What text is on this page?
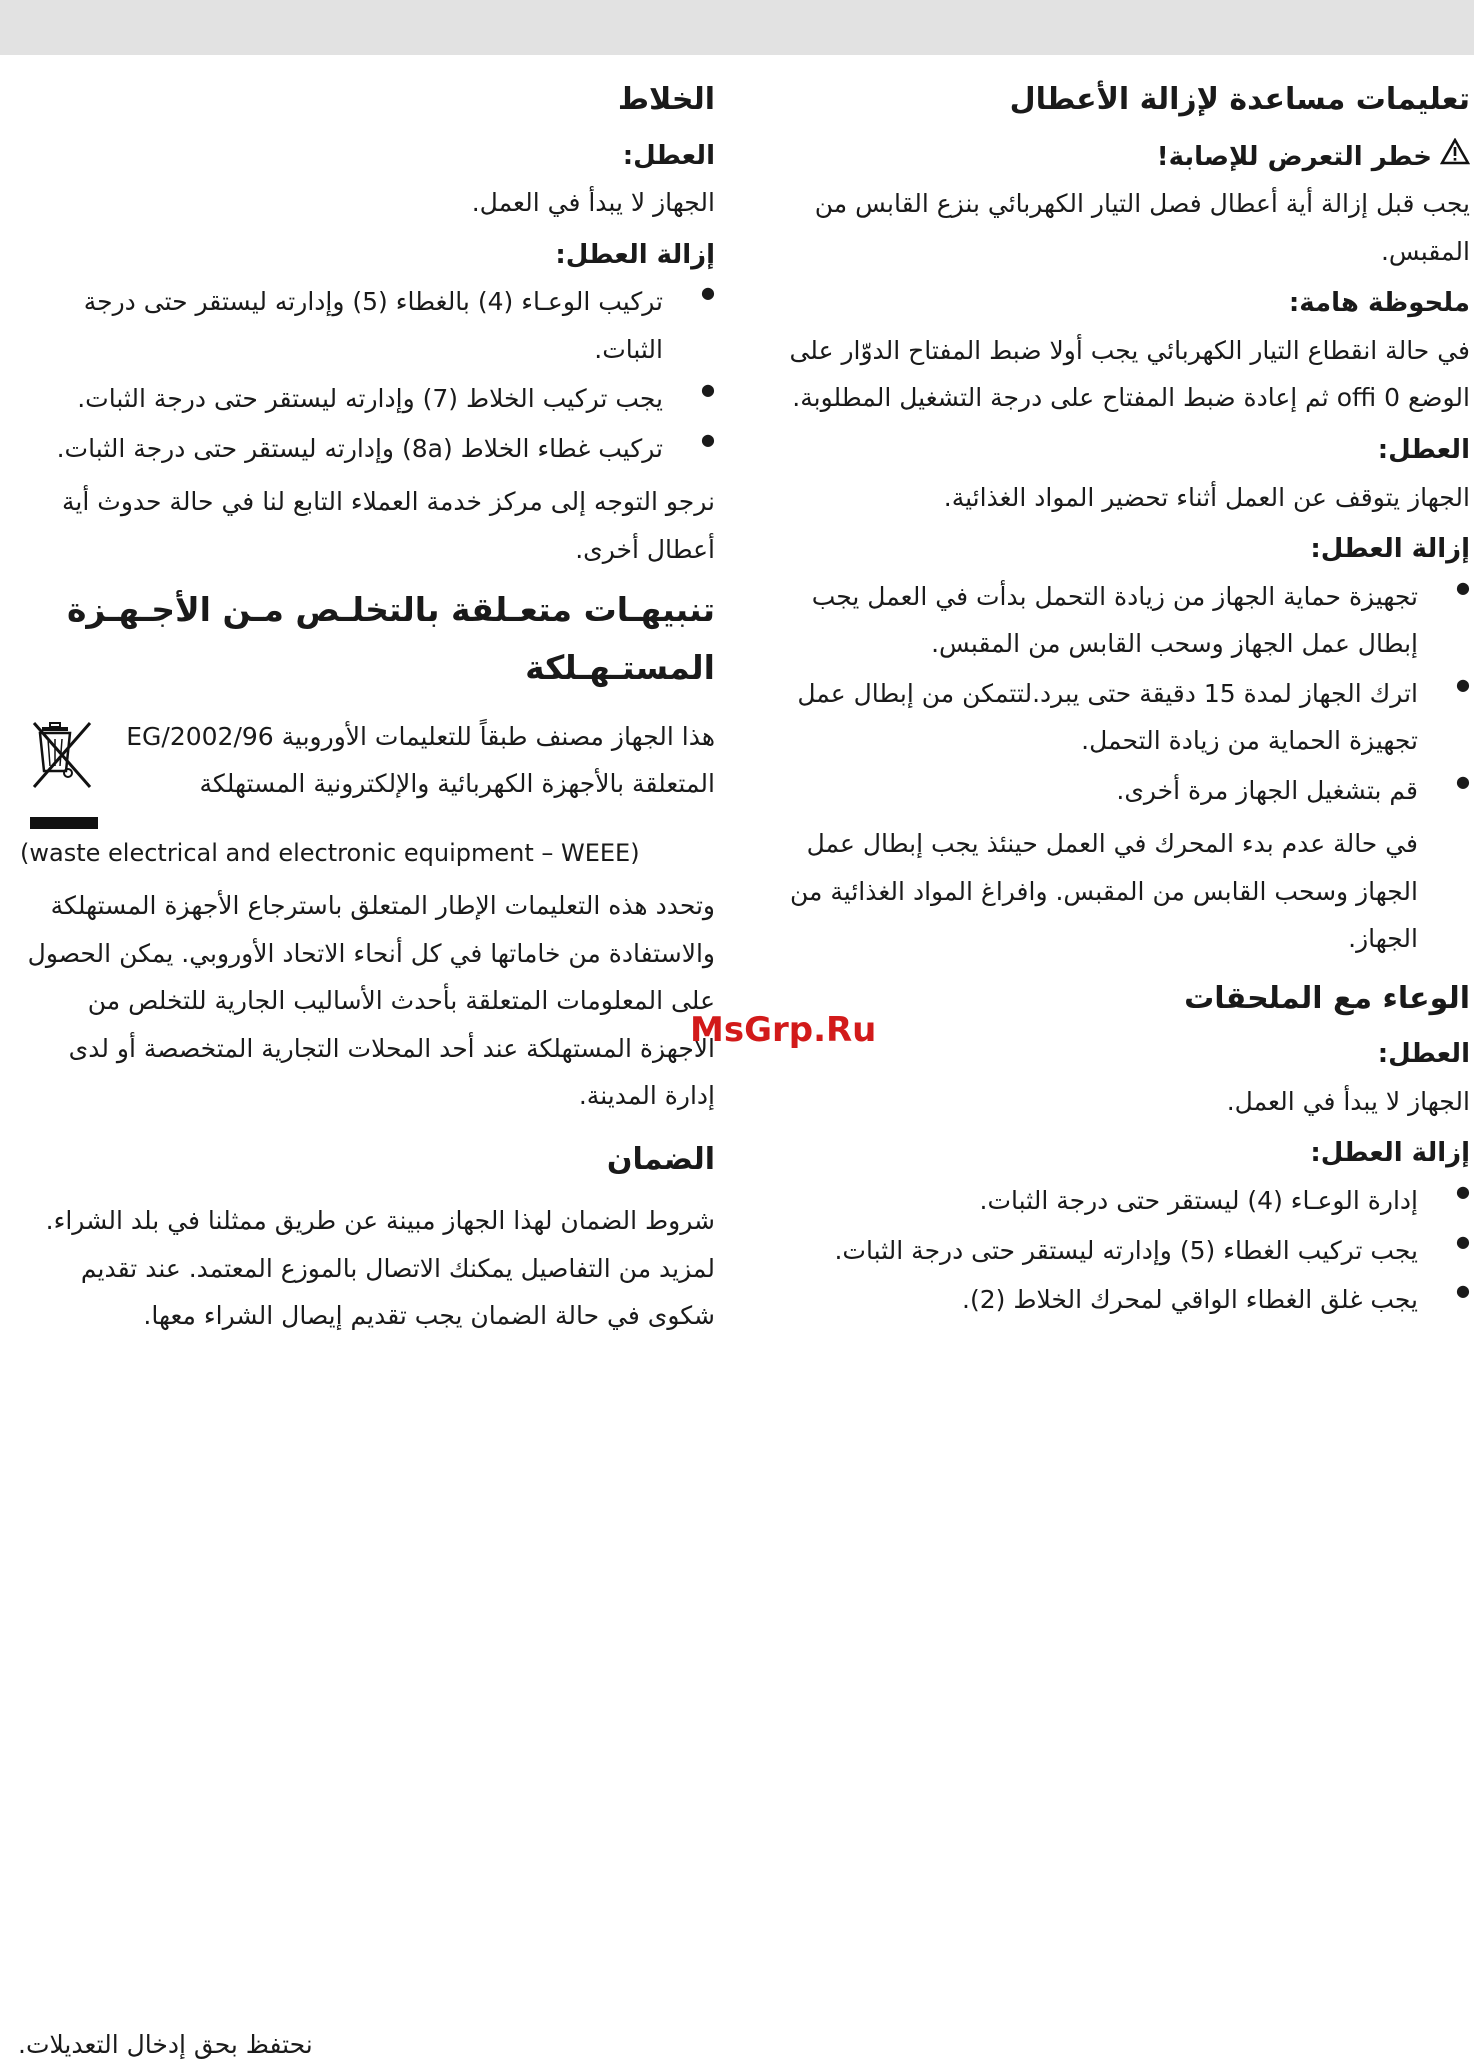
تعليمات مساعدة لإزالة الأعطال
خطر التعرض للإصابة!

يجب قبل إزالة أية أعطال فصل التيار الكهربائي بنزع القابس من المقبس.

ملحوظة هامة:

في حالة انقطاع التيار الكهربائي يجب أولا ضبط المفتاح الدوّار على الوضع 0 offi ثم إعادة ضبط المفتاح على درجة التشغيل المطلوبة.

العطل:

الجهاز يتوقف عن العمل أثناء تحضير المواد الغذائية.

إزالة العطل:
● تجهيزة حماية الجهاز من زيادة التحمل بدأت في العمل يجب إبطال عمل الجهاز وسحب القابس من المقبس.
● اترك الجهاز لمدة 15 دقيقة حتى يبرد.لتتمكن من إبطال عمل تجهيزة الحماية من زيادة التحمل.
● قم بتشغيل الجهاز مرة أخرى.

في حالة عدم بدء المحرك في العمل حينئذ يجب إبطال عمل الجهاز وسحب القابس من المقبس. وافراغ المواد الغذائية من الجهاز.

الوعاء مع الملحقات
العطل:

الجهاز لا يبدأ في العمل.

إزالة العطل:
● إدارة الوعـاء (4) ليستقر حتى درجة الثبات.
● يجب تركيب الغطاء (5) وإدارته ليستقر حتى درجة الثبات.
● يجب غلق الغطاء الواقي لمحرك الخلاط (2).
الخلاط
العطل:

الجهاز لا يبدأ في العمل.

إزالة العطل:
● تركيب الوعـاء (4) بالغطاء (5) وإدارته ليستقر حتى درجة الثبات.
● يجب تركيب الخلاط (7) وإدارته ليستقر حتى درجة الثبات.
● تركيب غطاء الخلاط (8a) وإدارته ليستقر حتى درجة الثبات.

نرجو التوجه إلى مركز خدمة العملاء التابع لنا في حالة حدوث أية أعطال أخرى.

تنبيهـات متعـلقة بالتخلـص مـن الأجـهـزة المستـهـلكة

هذا الجهاز مصنف طبقاً للتعليمات الأوروبية 2002/96/EG المتعلقة بالأجهزة الكهربائية والإلكترونية المستهلكة

(waste electrical and electronic equipment – WEEE)

وتحدد هذه التعليمات الإطار المتعلق باسترجاع الأجهزة المستهلكة والاستفادة من خاماتها في كل أنحاء الاتحاد الأوروبي. يمكن الحصول على المعلومات المتعلقة بأحدث الأساليب الجارية للتخلص من الأجهزة المستهلكة عند أحد المحلات التجارية المتخصصة أو لدى إدارة المدينة.

الضمان

شروط الضمان لهذا الجهاز مبينة عن طريق ممثلنا في بلد الشراء. لمزيد من التفاصيل يمكنك الاتصال بالموزع المعتمد. عند تقديم شكوى في حالة الضمان يجب تقديم إيصال الشراء معها.

MsGrp.Ru
نحتفظ بحق إدخال التعديلات.
